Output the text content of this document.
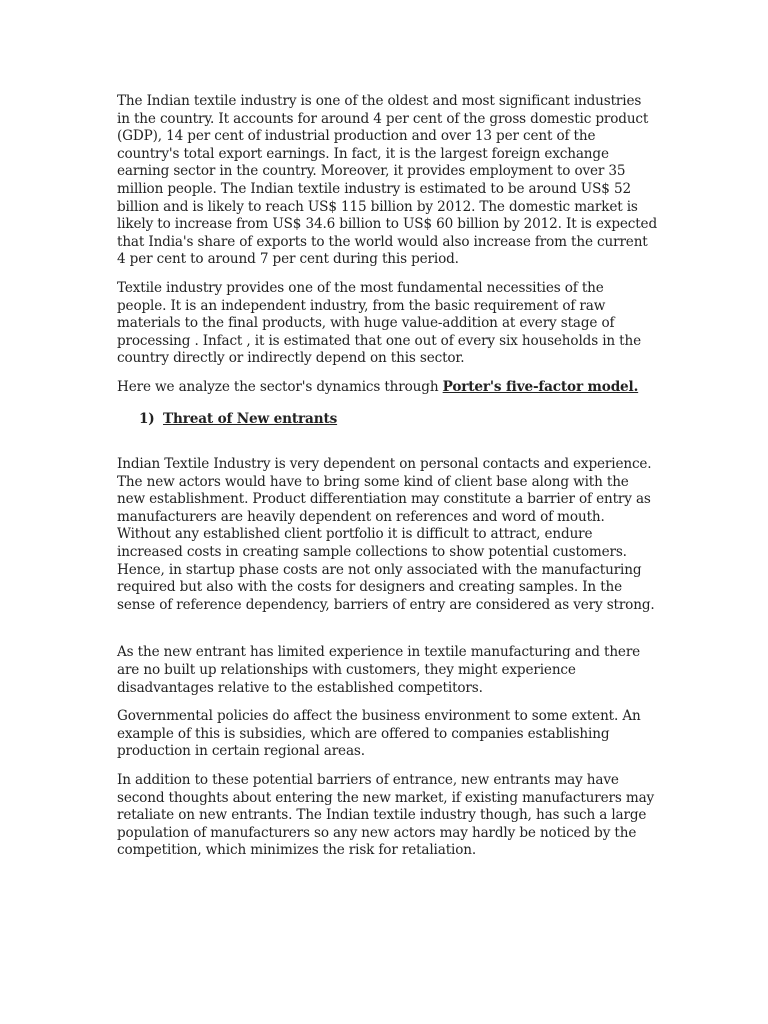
The Indian textile industry is one of the oldest and most significant industries in the country. It accounts for around 4 per cent of the gross domestic product (GDP), 14 per cent of industrial production and over 13 per cent of the country's total export earnings. In fact, it is the largest foreign exchange earning sector in the country. Moreover, it provides employment to over 35 million people. The Indian textile industry is estimated to be around US$ 52 billion and is likely to reach US$ 115 billion by 2012. The domestic market is likely to increase from US$ 34.6 billion to US$ 60 billion by 2012. It is expected that India's share of exports to the world would also increase from the current 4 per cent to around 7 per cent during this period.

Textile industry provides one of the most fundamental necessities of the people. It is an independent industry, from the basic requirement of raw materials to the final products, with huge value-addition at every stage of processing . Infact , it is estimated that one out of every six households in the country directly or indirectly depend on this sector.

Here we analyze the sector's dynamics through Porter's five-factor model.

1) Threat of New entrants

Indian Textile Industry is very dependent on personal contacts and experience. The new actors would have to bring some kind of client base along with the new establishment. Product differentiation may constitute a barrier of entry as manufacturers are heavily dependent on references and word of mouth. Without any established client portfolio it is difficult to attract, endure increased costs in creating sample collections to show potential customers. Hence, in startup phase costs are not only associated with the manufacturing required but also with the costs for designers and creating samples. In the sense of reference dependency, barriers of entry are considered as very strong.

As the new entrant has limited experience in textile manufacturing and there are no built up relationships with customers, they might experience disadvantages relative to the established competitors.

Governmental policies do affect the business environment to some extent. An example of this is subsidies, which are offered to companies establishing production in certain regional areas.

In addition to these potential barriers of entrance, new entrants may have second thoughts about entering the new market, if existing manufacturers may retaliate on new entrants. The Indian textile industry though, has such a large population of manufacturers so any new actors may hardly be noticed by the competition, which minimizes the risk for retaliation.
